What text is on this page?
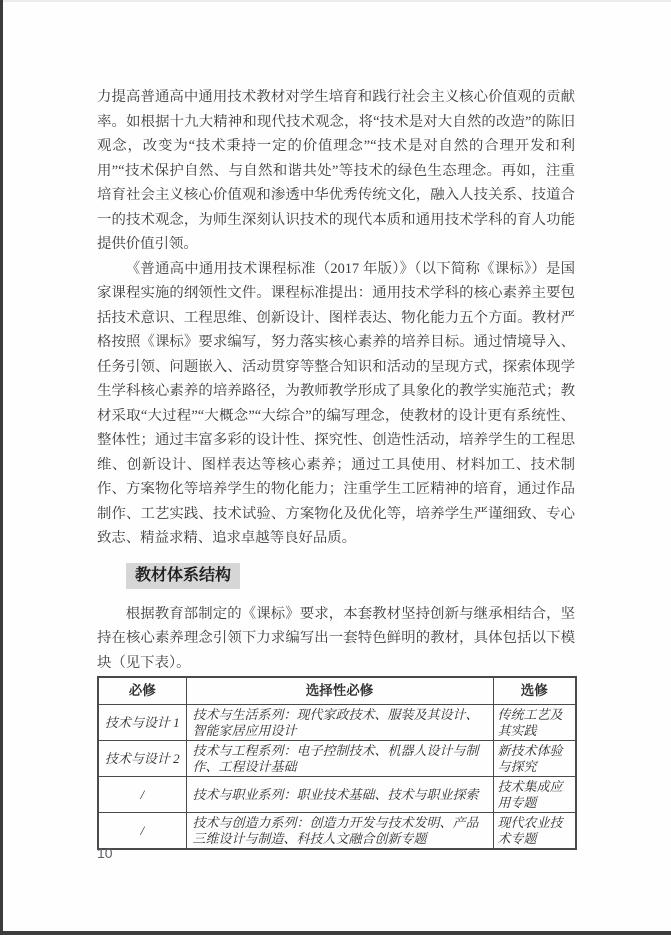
力提高普通高中通用技术教材对学生培育和践行社会主义核心价值观的贡献率。如根据十九大精神和现代技术观念，将“技术是对大自然的改造”的陈旧观念，改变为“技术秉持一定的价值理念”“技术是对自然的合理开发和利用”“技术保护自然、与自然和谐共处”等技术的绿色生态理念。再如，注重培育社会主义核心价值观和渗透中华优秀传统文化，融入人技关系、技道合一的技术观念，为师生深刻认识技术的现代本质和通用技术学科的育人功能提供价值引领。

《普通高中通用技术课程标准（2017 年版）》（以下简称《课标》）是国家课程实施的纲领性文件。课程标准提出：通用技术学科的核心素养主要包括技术意识、工程思维、创新设计、图样表达、物化能力五个方面。教材严格按照《课标》要求编写，努力落实核心素养的培养目标。通过情境导入、任务引领、问题嵌入、活动贯穿等整合知识和活动的呈现方式，探索体现学生学科核心素养的培养路径，为教师教学形成了具象化的教学实施范式；教材采取“大过程”“大概念”“大综合”的编写理念，使教材的设计更有系统性、整体性；通过丰富多彩的设计性、探究性、创造性活动，培养学生的工程思维、创新设计、图样表达等核心素养；通过工具使用、材料加工、技术制作、方案物化等培养学生的物化能力；注重学生工匠精神的培育，通过作品制作、工艺实践、技术试验、方案物化及优化等，培养学生严谨细致、专心致志、精益求精、追求卓越等良好品质。

教材体系结构

根据教育部制定的《课标》要求，本套教材坚持创新与继承相结合，坚持在核心素养理念引领下力求编写出一套特色鲜明的教材，具体包括以下模块（见下表）。

必修	选择性必修	选修
技术与设计 1	技术与生活系列：现代家政技术、服装及其设计、智能家居应用设计	传统工艺及其实践
技术与设计 2	技术与工程系列：电子控制技术、机器人设计与制作、工程设计基础	新技术体验与探究
/	技术与职业系列：职业技术基础、技术与职业探索	技术集成应用专题
/	技术与创造力系列：创造力开发与技术发明、产品三维设计与制造、科技人文融合创新专题	现代农业技术专题
10
